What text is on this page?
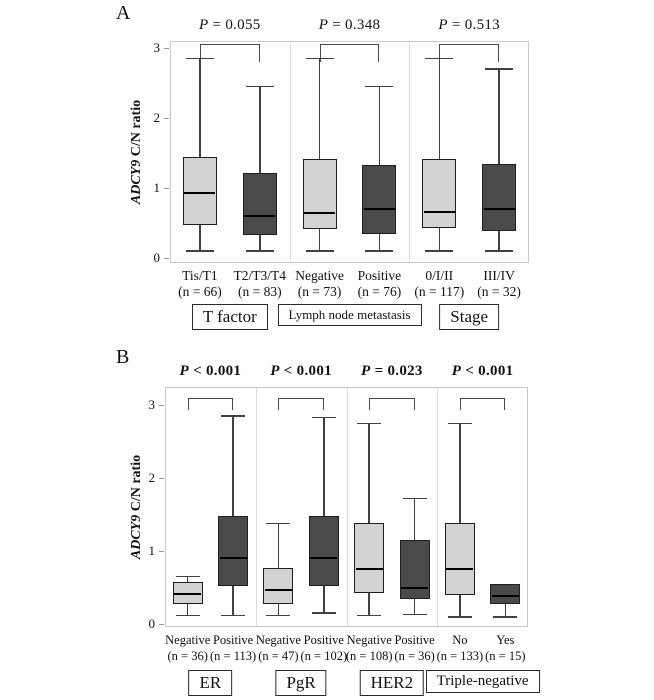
A
B
0
1
2
3
ADCY9 C/N ratio
P = 0.055
Tis/T1
(n = 66)
T2/T3/T4
(n = 83)
T factor
P = 0.348
Negative
(n = 73)
Positive
(n = 76)
Lymph node metastasis
P = 0.513
0/I/II
(n = 117)
III/IV
(n = 32)
Stage
0
1
2
3
ADCY9 C/N ratio
P < 0.001
Negative
(n = 36)
Positive
(n = 113)
ER
P < 0.001
Negative
(n = 47)
Positive
(n = 102)
PgR
P = 0.023
Negative
(n = 108)
Positive
(n = 36)
HER2
P < 0.001
No
(n = 133)
Yes
(n = 15)
Triple-negative
